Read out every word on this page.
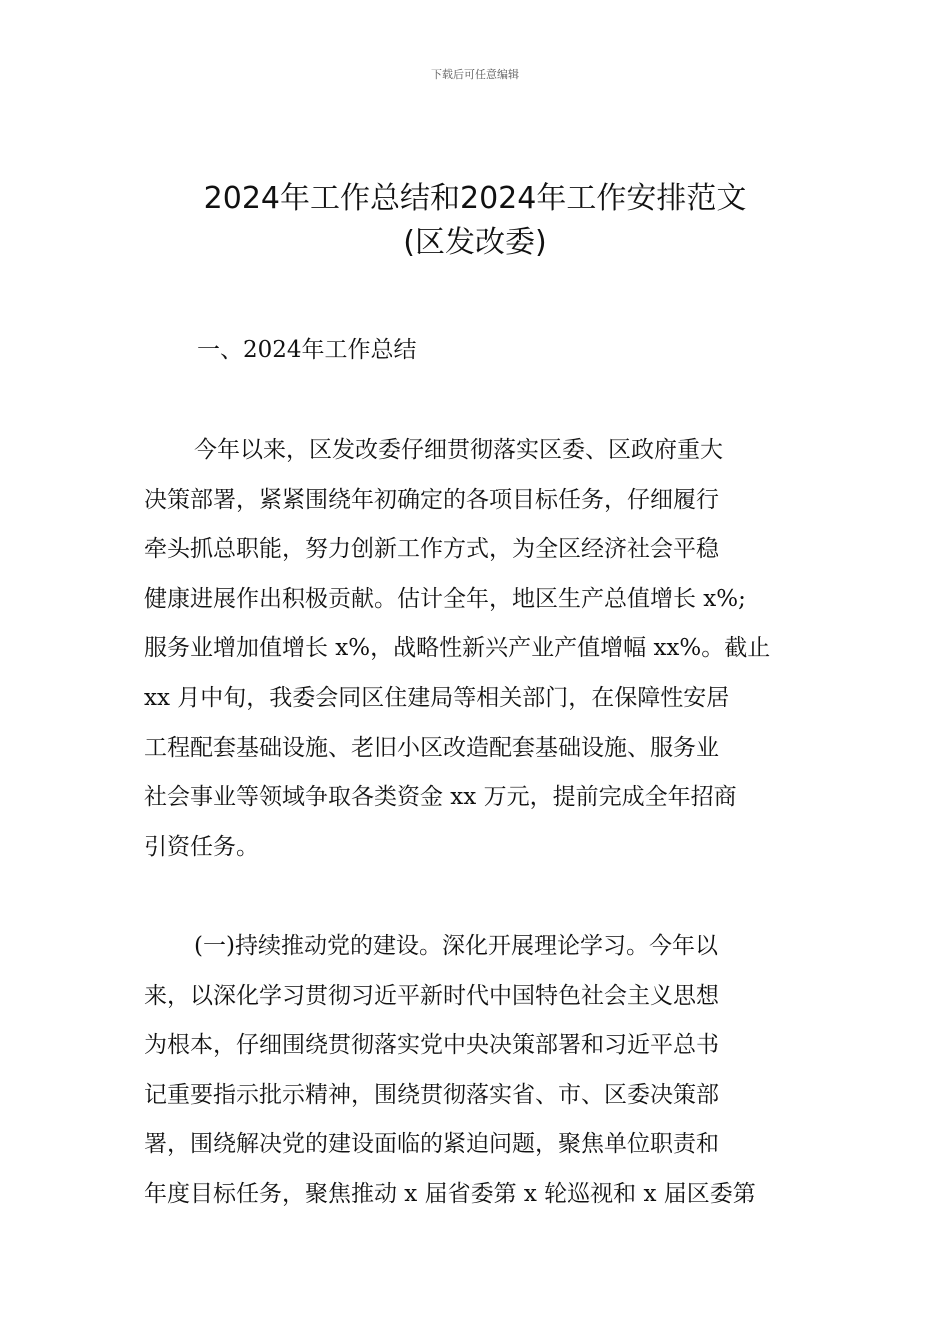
下载后可任意编辑
2024年工作总结和2024年工作安排范文
(区发改委)
一、2024年工作总结

今年以来，区发改委仔细贯彻落实区委、区政府重大
决策部署，紧紧围绕年初确定的各项目标任务，仔细履行
牵头抓总职能，努力创新工作方式，为全区经济社会平稳
健康进展作出积极贡献。估计全年，地区生产总值增长 x%;
服务业增加值增长 x%，战略性新兴产业产值增幅 xx%。截止
xx 月中旬，我委会同区住建局等相关部门，在保障性安居
工程配套基础设施、老旧小区改造配套基础设施、服务业
社会事业等领域争取各类资金 xx 万元，提前完成全年招商
引资任务。

(一)持续推动党的建设。深化开展理论学习。今年以
来，以深化学习贯彻习近平新时代中国特色社会主义思想
为根本，仔细围绕贯彻落实党中央决策部署和习近平总书
记重要指示批示精神，围绕贯彻落实省、市、区委决策部
署，围绕解决党的建设面临的紧迫问题，聚焦单位职责和
年度目标任务，聚焦推动 x 届省委第 x 轮巡视和 x 届区委第
